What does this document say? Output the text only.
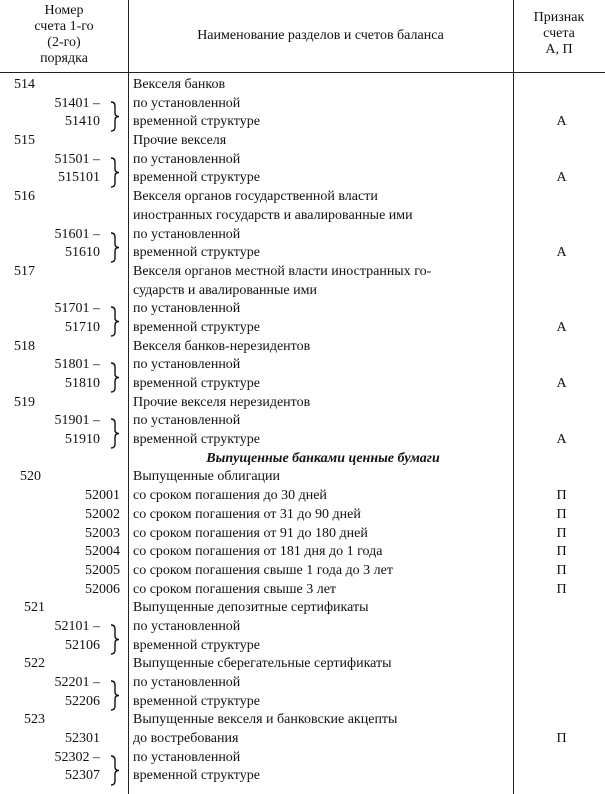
Номер
счета 1-го
(2-го)
порядка
Наименование разделов и счетов баланса
Признак
счета
А, П
514	Векселя банков
51401 – по установленной
51410 временной структуре	А
515	Прочие векселя
51501 – по установленной
515101 временной структуре	А
516	Векселя органов государственной власти
иностранных государств и авалированные ими
51601 – по установленной
51610 временной структуре	А
517	Векселя органов местной власти иностранных го-
сударств и авалированные ими
51701 – по установленной
51710 временной структуре	А
518	Векселя банков-нерезидентов
51801 – по установленной
51810 временной структуре	А
519	Прочие векселя нерезидентов
51901 – по установленной
51910 временной структуре	А
Выпущенные банками ценные бумаги
520	Выпущенные облигации
52001 со сроком погашения до 30 дней	П
52002 со сроком погашения от 31 до 90 дней	П
52003 со сроком погашения от 91 до 180 дней	П
52004 со сроком погашения от 181 дня до 1 года	П
52005 со сроком погашения свыше 1 года до 3 лет	П
52006 со сроком погашения свыше 3 лет	П
521	Выпущенные депозитные сертификаты
52101 – по установленной
52106 временной структуре
522	Выпущенные сберегательные сертификаты
52201 – по установленной
52206 временной структуре
523	Выпущенные векселя и банковские акцепты
52301 до востребования	П
52302 – по установленной
52307 временной структуре
